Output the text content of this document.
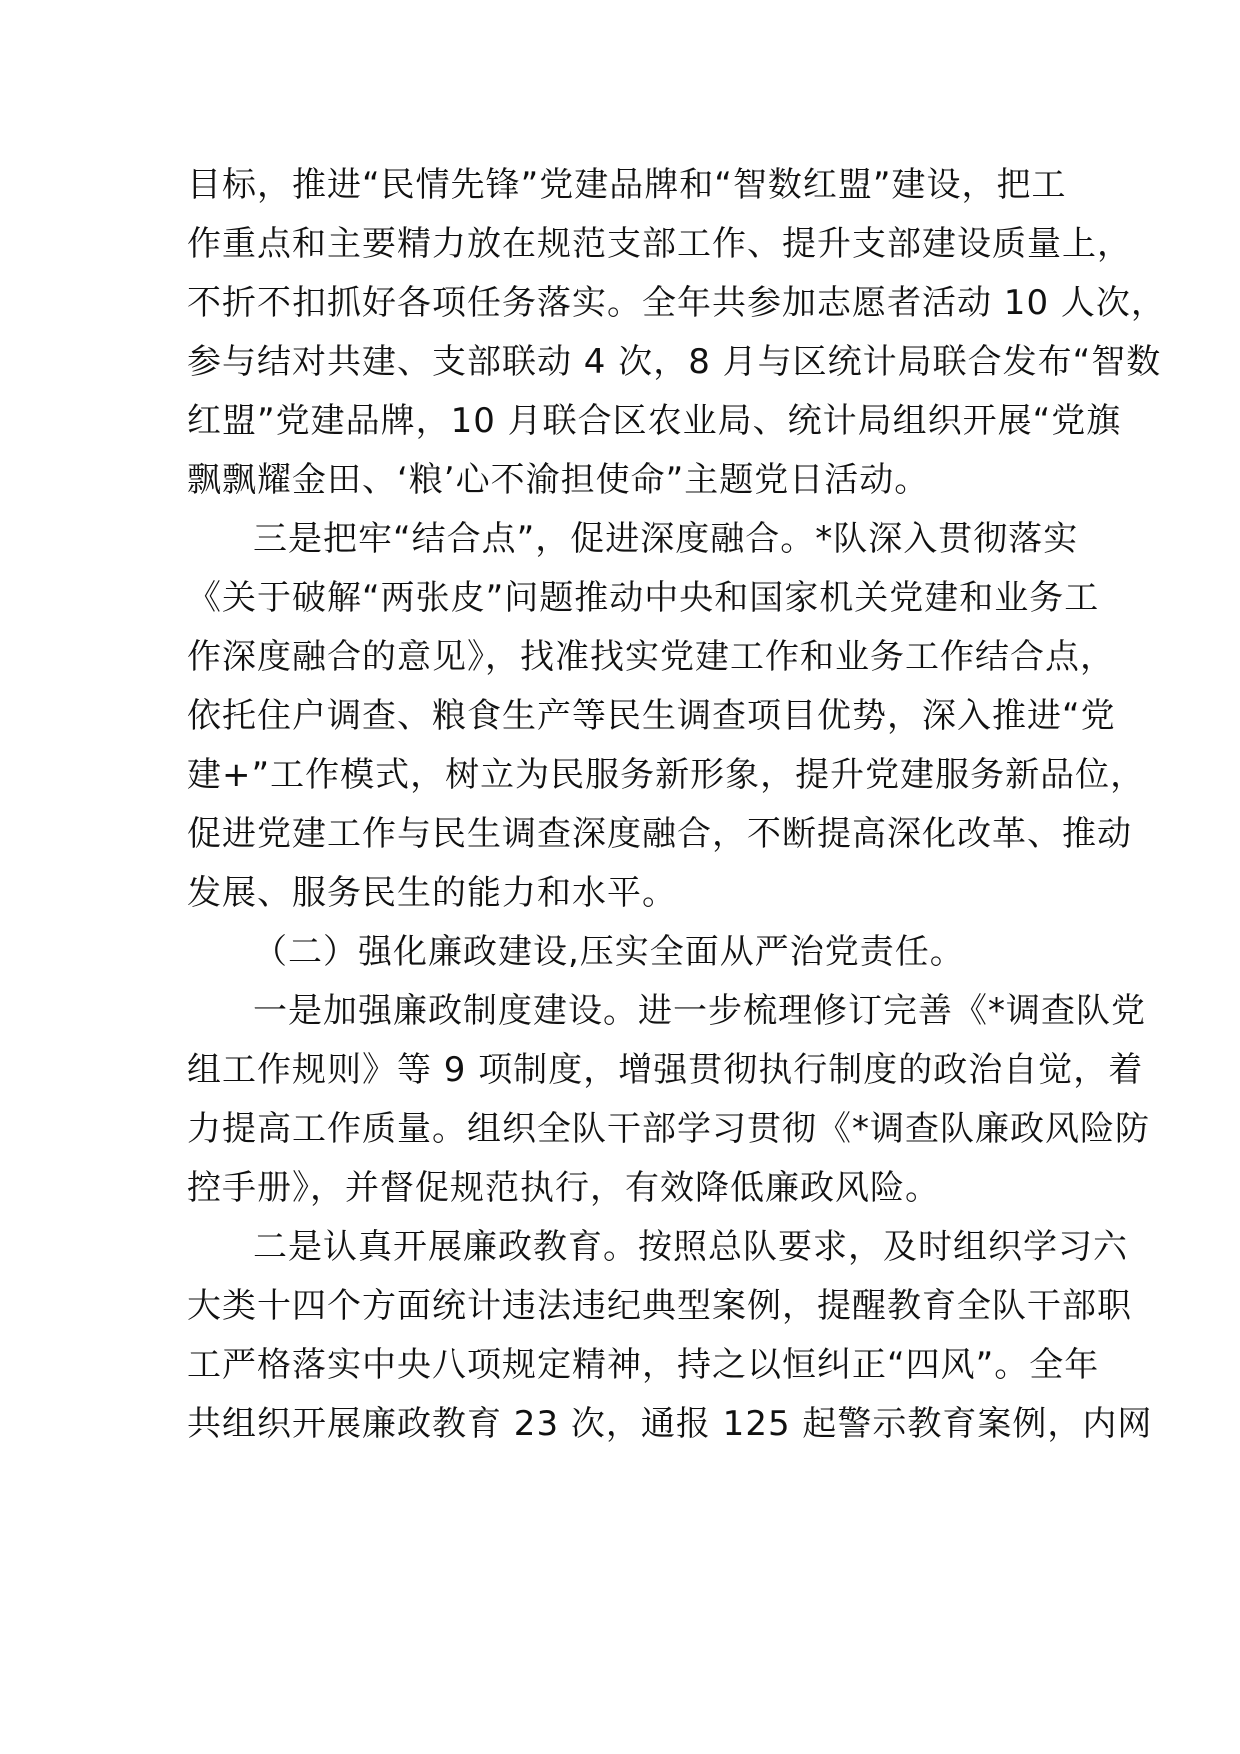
目标，推进“民情先锋”党建品牌和“智数红盟”建设，把工
作重点和主要精力放在规范支部工作、提升支部建设质量上，
不折不扣抓好各项任务落实。全年共参加志愿者活动 10 人次，
参与结对共建、支部联动 4 次，8 月与区统计局联合发布“智数
红盟”党建品牌，10 月联合区农业局、统计局组织开展“党旗
飘飘耀金田、‘粮’心不渝担使命”主题党日活动。
三是把牢“结合点”，促进深度融合。*队深入贯彻落实
《关于破解“两张皮”问题推动中央和国家机关党建和业务工
作深度融合的意见》，找准找实党建工作和业务工作结合点，
依托住户调查、粮食生产等民生调查项目优势，深入推进“党
建+”工作模式，树立为民服务新形象，提升党建服务新品位，
促进党建工作与民生调查深度融合，不断提高深化改革、推动
发展、服务民生的能力和水平。
（二）强化廉政建设,压实全面从严治党责任。
一是加强廉政制度建设。进一步梳理修订完善《*调查队党
组工作规则》等 9 项制度，增强贯彻执行制度的政治自觉，着
力提高工作质量。组织全队干部学习贯彻《*调查队廉政风险防
控手册》，并督促规范执行，有效降低廉政风险。
二是认真开展廉政教育。按照总队要求，及时组织学习六
大类十四个方面统计违法违纪典型案例，提醒教育全队干部职
工严格落实中央八项规定精神，持之以恒纠正“四风”。全年
共组织开展廉政教育 23 次，通报 125 起警示教育案例，内网
